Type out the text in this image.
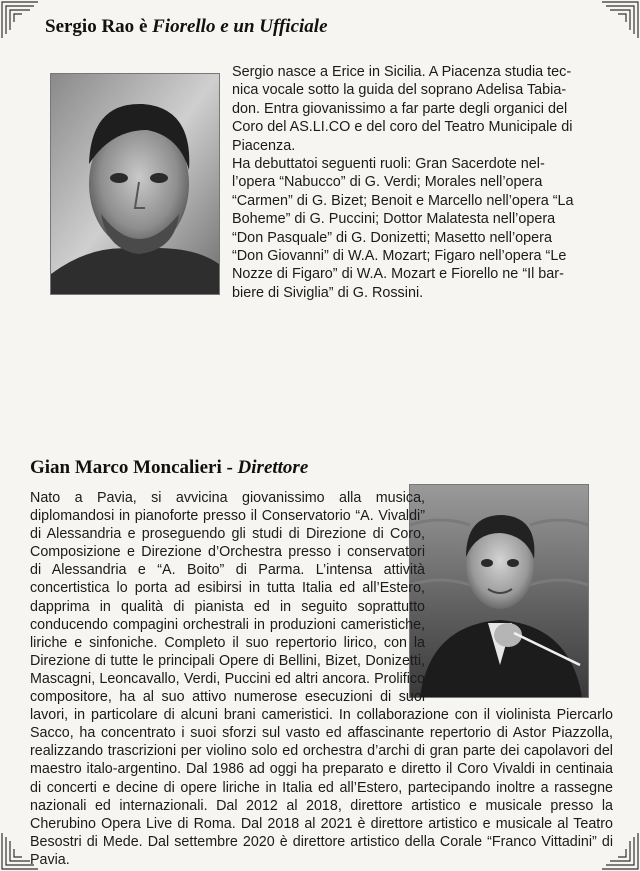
Sergio Rao è Fiorello e un Ufficiale

Sergio nasce a Erice in Sicilia. A Piacenza studia tec-

nica vocale sotto la guida del soprano Adelisa Tabia-

don. Entra giovanissimo a far parte degli organici del

Coro del AS.LI.CO e del coro del Teatro Municipale di

Piacenza.

Ha debuttatoi seguenti ruoli: Gran Sacerdote nel-

l’opera “Nabucco” di G. Verdi; Morales nell’opera

“Carmen” di G. Bizet; Benoit e Marcello nell’opera “La

Boheme” di G. Puccini; Dottor Malatesta nell’opera

“Don Pasquale” di G. Donizetti; Masetto nell’opera

“Don Giovanni” di W.A. Mozart; Figaro nell’opera “Le

Nozze di Figaro” di W.A. Mozart e Fiorello ne “Il bar-

biere di Siviglia” di G. Rossini.

Gian Marco Moncalieri - Direttore

Nato a Pavia, si avvicina giovanissimo alla musica, diplomandosi in pianoforte presso il Conservatorio “A. Vivaldi” di Alessandria e proseguendo gli studi di Direzione di Coro, Composizione e Direzione d’Orchestra presso i conservatori di Alessandria e “A. Boito” di Parma. L’intensa attività concertistica lo porta ad esibirsi in tutta Italia ed all’Estero, dapprima in qualità di pianista ed in seguito soprattutto conducendo compagini orchestrali in produzioni cameristiche, liriche e sinfoniche. Completo il suo repertorio lirico, con la Direzione di tutte le principali Opere di Bellini, Bizet, Donizetti, Mascagni, Leoncavallo, Verdi, Puccini ed altri ancora. Prolifico compositore, ha al suo attivo numerose esecuzioni di suoi lavori, in particolare di alcuni brani cameristici. In collaborazione con il violinista Piercarlo Sacco, ha concentrato i suoi sforzi sul vasto ed affascinante repertorio di Astor Piazzolla, realizzando trascrizioni per violino solo ed orchestra d’archi di gran parte dei capolavori del maestro italo-argentino. Dal 1986 ad oggi ha preparato e diretto il Coro Vivaldi in centinaia di concerti e decine di opere liriche in Italia ed all’Estero, partecipando inoltre a rassegne nazionali ed internazionali. Dal 2012 al 2018, direttore artistico e musicale presso la Cherubino Opera Live di Roma. Dal 2018 al 2021 è direttore artistico e musicale al Teatro Besostri di Mede. Dal settembre 2020 è direttore artistico della Corale “Franco Vittadini” di Pavia.
